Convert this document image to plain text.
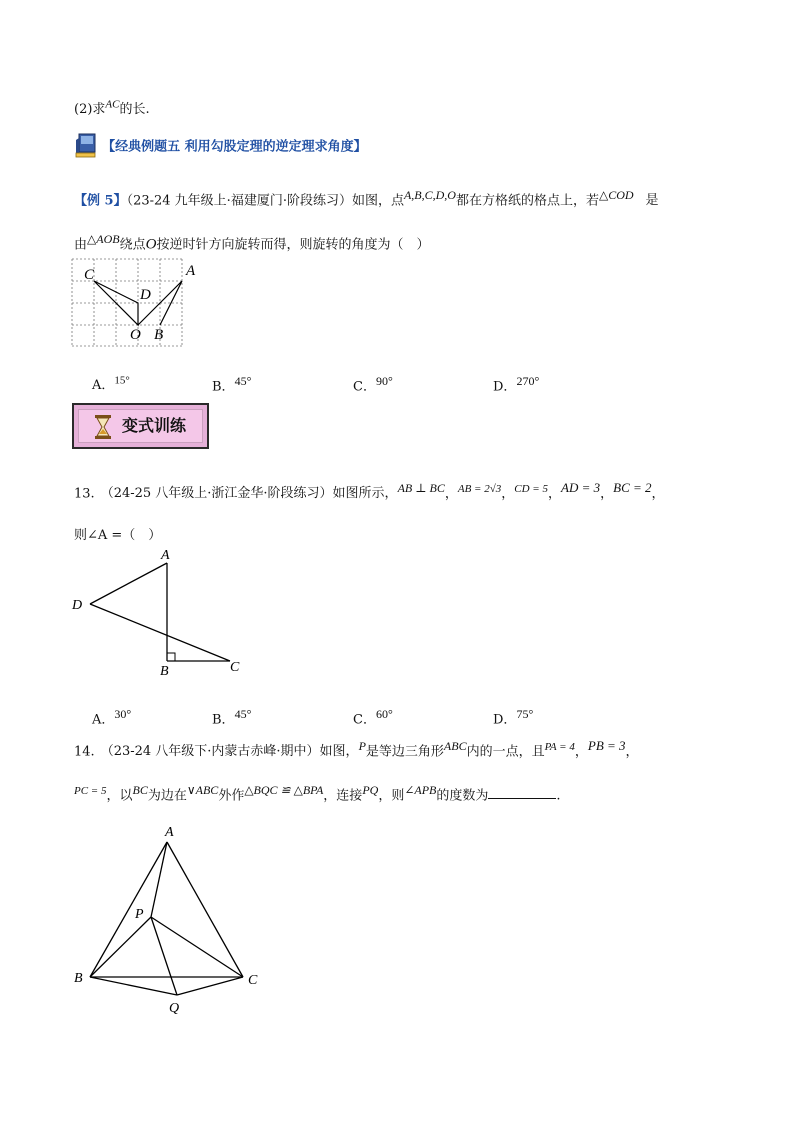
(2)求$^{AC}$的长.
【经典例题五 利用勾股定理的逆定理求角度】
【例 5】（23-24 九年级上·福建厦门·阶段练习）如图，点$^{A,B,C,D,O}$都在方格纸的格点上，若$^{\triangle COD}$ 是
由$^{\triangle AOB}$绕点O按逆时针方向旋转而得，则旋转的角度为（　）
C	A
D
O B
A．$^{15^\circ}$	B．45°	C．90°	D．270°
变式训练
13. （24-25 八年级上·浙江金华·阶段练习）如图所示，$^{AB \perp BC}$，$^{AB = 2√3}$，$^{CD = 5}$，$^{AD = 3}$，$^{BC = 2}$，
则∠A =（　）
A
D
B	C
A．30°	B．45°	C．60°	D．75°
14. （23-24 八年级下·内蒙古赤峰·期中）如图，$^P$是等边三角形$^{ABC}$内的一点，且$^{PA = 4}$，$^{PB = 3}$，
$^{PC = 5}$，以$^{BC}$为边在$^{\vee ABC}$外作$^{\triangle BQC ≌ \triangle BPA}$，连接$^{PQ}$，则$^{\angle APB}$的度数为	.
A
P
B	C
Q
